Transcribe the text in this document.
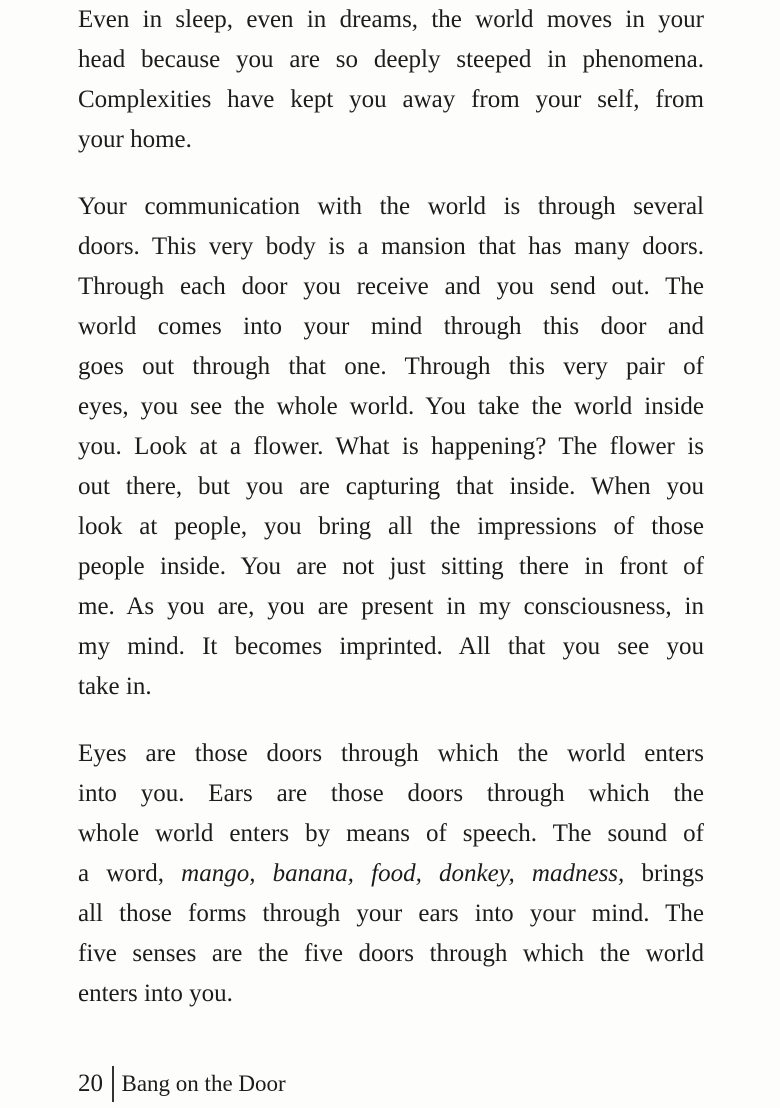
Even in sleep, even in dreams, the world moves in your
head because you are so deeply steeped in phenomena.
Complexities have kept you away from your self, from
your home.
Your communication with the world is through several
doors. This very body is a mansion that has many doors.
Through each door you receive and you send out. The
world comes into your mind through this door and
goes out through that one. Through this very pair of
eyes, you see the whole world. You take the world inside
you. Look at a flower. What is happening? The flower is
out there, but you are capturing that inside. When you
look at people, you bring all the impressions of those
people inside. You are not just sitting there in front of
me. As you are, you are present in my consciousness, in
my mind. It becomes imprinted. All that you see you
take in.
Eyes are those doors through which the world enters
into you. Ears are those doors through which the
whole world enters by means of speech. The sound of
a word, mango, banana, food, donkey, madness, brings
all those forms through your ears into your mind. The
five senses are the five doors through which the world
enters into you.
20 Bang on the Door
